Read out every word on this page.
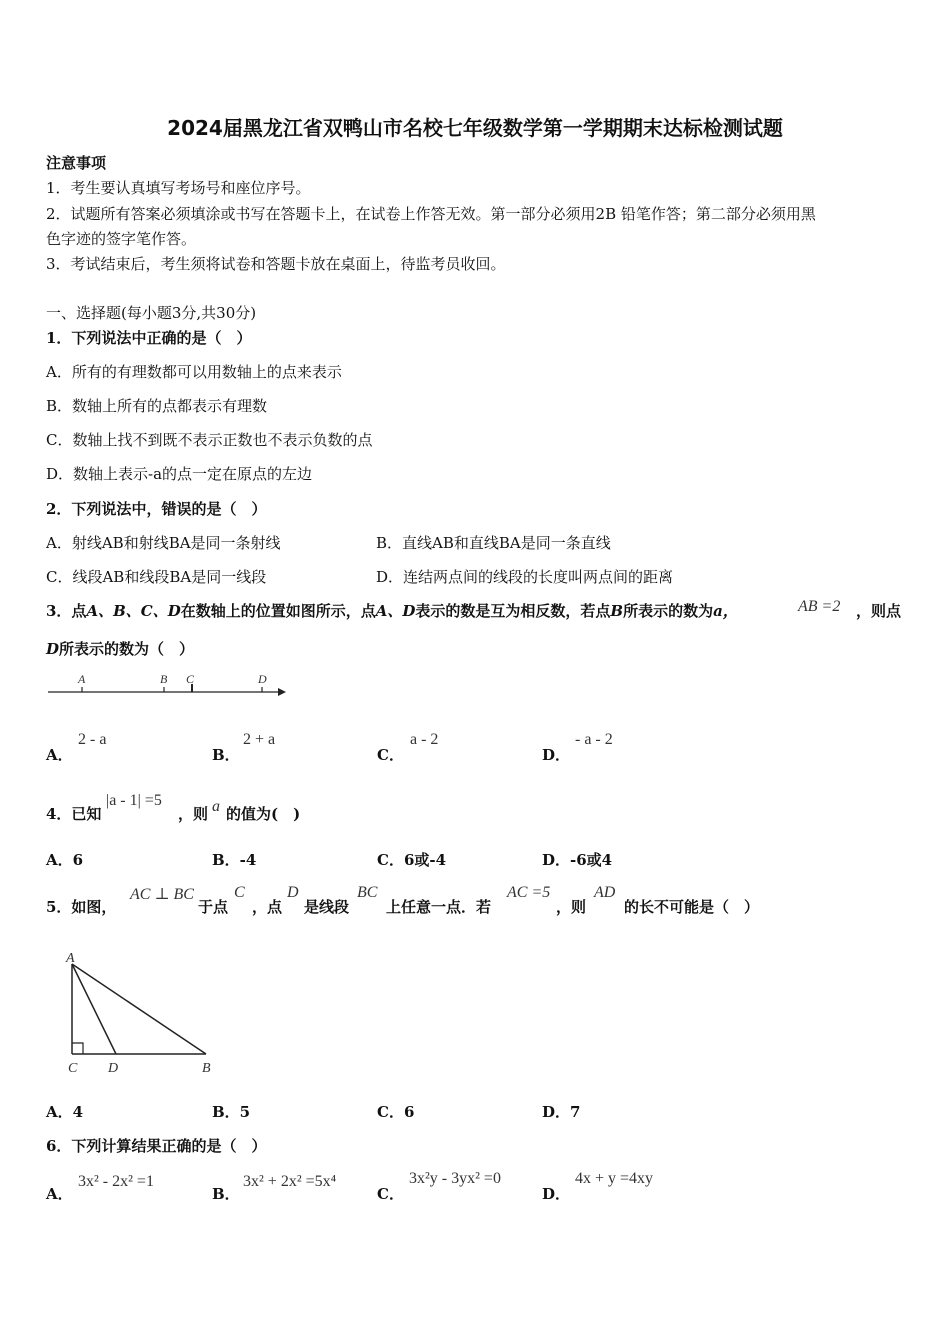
2024届黑龙江省双鸭山市名校七年级数学第一学期期末达标检测试题
注意事项
1．考生要认真填写考场号和座位序号。
2．试题所有答案必须填涂或书写在答题卡上，在试卷上作答无效。第一部分必须用2B 铅笔作答；第二部分必须用黑
色字迹的签字笔作答。
3．考试结束后，考生须将试卷和答题卡放在桌面上，待监考员收回。
一、选择题(每小题3分,共30分)
1．下列说法中正确的是（　）
A．所有的有理数都可以用数轴上的点来表示
B．数轴上所有的点都表示有理数
C．数轴上找不到既不表示正数也不表示负数的点
D．数轴上表示-a的点一定在原点的左边
2．下列说法中，错误的是（　）
A．射线AB和射线BA是同一条射线	B．直线AB和直线BA是同一条直线
C．线段AB和线段BA是同一线段	D．连结两点间的线段的长度叫两点间的距离
3．点A、B、C、D在数轴上的位置如图所示，点A、D表示的数是互为相反数，若点B所表示的数为a，	AB =2 ，则点
D所表示的数为（　）
A	B C	D
A．
2 - a
B．
2 + a
C．
a - 2
D．
- a - 2
4．已知
|a - 1| =5
，则 a 的值为(　)
A．6	B．-4	C．6或-4	D．-6或4
5．如图，
AC ⊥ BC
于点
C
，点
D
是线段
BC
上任意一点．若
AC =5
，则
AD
的长不可能是（　）
A
C D	B
A．4	B．5	C．6	D．7
6．下列计算结果正确的是（　）
A．
3x² - 2x² =1
B．
3x² + 2x² =5x⁴
C．
3x²y - 3yx² =0
D．
4x + y =4xy
